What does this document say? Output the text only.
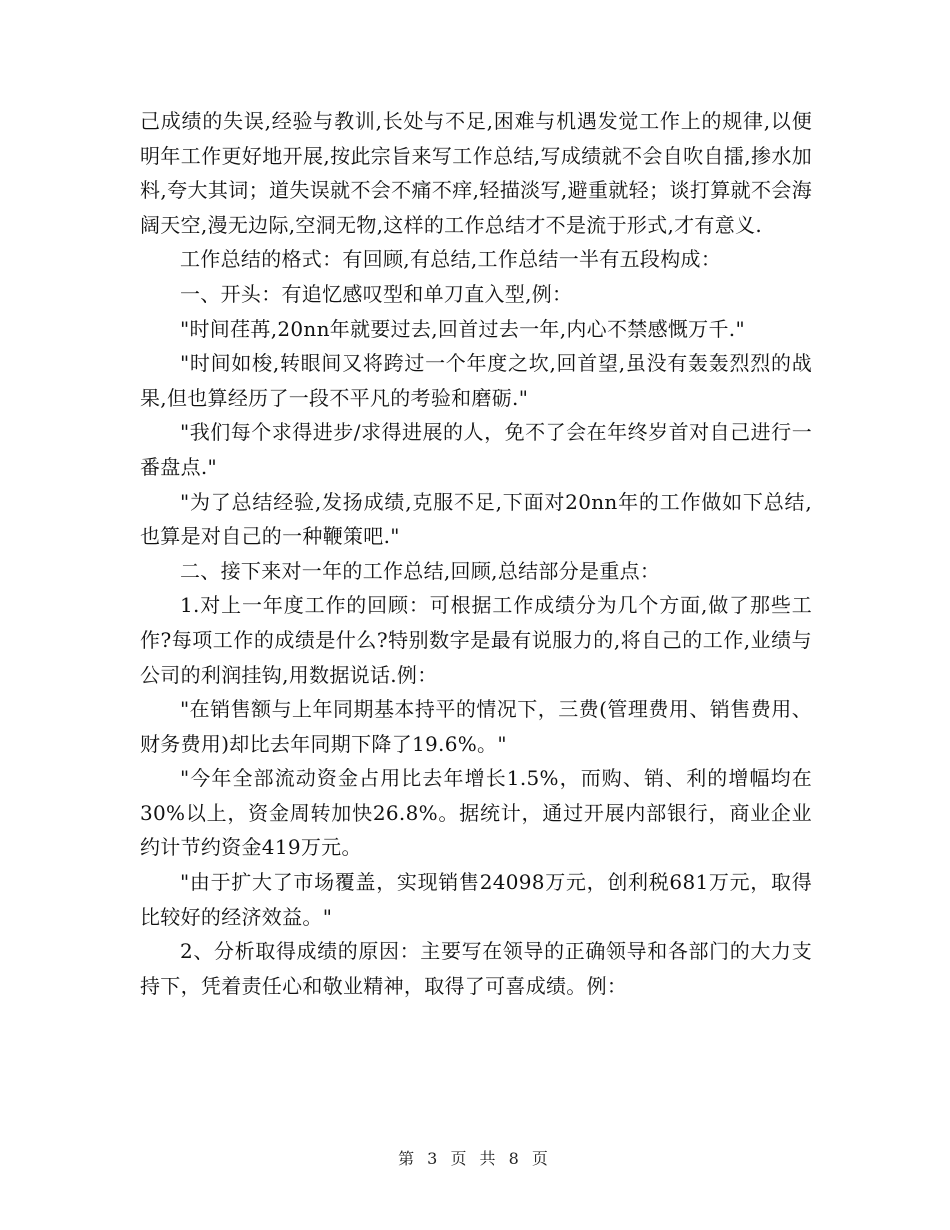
己成绩的失误,经验与教训,长处与不足,困难与机遇发觉工作上的规律,以便明年工作更好地开展,按此宗旨来写工作总结,写成绩就不会自吹自擂,掺水加料,夸大其词；道失误就不会不痛不痒,轻描淡写,避重就轻；谈打算就不会海阔天空,漫无边际,空洞无物,这样的工作总结才不是流于形式,才有意义.

工作总结的格式：有回顾,有总结,工作总结一半有五段构成：

一、开头：有追忆感叹型和单刀直入型,例：

"时间荏苒,20nn年就要过去,回首过去一年,内心不禁感慨万千."

"时间如梭,转眼间又将跨过一个年度之坎,回首望,虽没有轰轰烈烈的战果,但也算经历了一段不平凡的考验和磨砺."

"我们每个求得进步/求得进展的人，免不了会在年终岁首对自己进行一番盘点."

"为了总结经验,发扬成绩,克服不足,下面对20nn年的工作做如下总结,也算是对自己的一种鞭策吧."

二、接下来对一年的工作总结,回顾,总结部分是重点：

1.对上一年度工作的回顾：可根据工作成绩分为几个方面,做了那些工作?每项工作的成绩是什么?特别数字是最有说服力的,将自己的工作,业绩与公司的利润挂钩,用数据说话.例：

"在销售额与上年同期基本持平的情况下，三费(管理费用、销售费用、财务费用)却比去年同期下降了19.6%。"

"今年全部流动资金占用比去年增长1.5%，而购、销、利的增幅均在30%以上，资金周转加快26.8%。据统计，通过开展内部银行，商业企业约计节约资金419万元。

"由于扩大了市场覆盖，实现销售24098万元，创利税681万元，取得比较好的经济效益。"

2、分析取得成绩的原因：主要写在领导的正确领导和各部门的大力支持下，凭着责任心和敬业精神，取得了可喜成绩。例：

第 3 页 共 8 页
